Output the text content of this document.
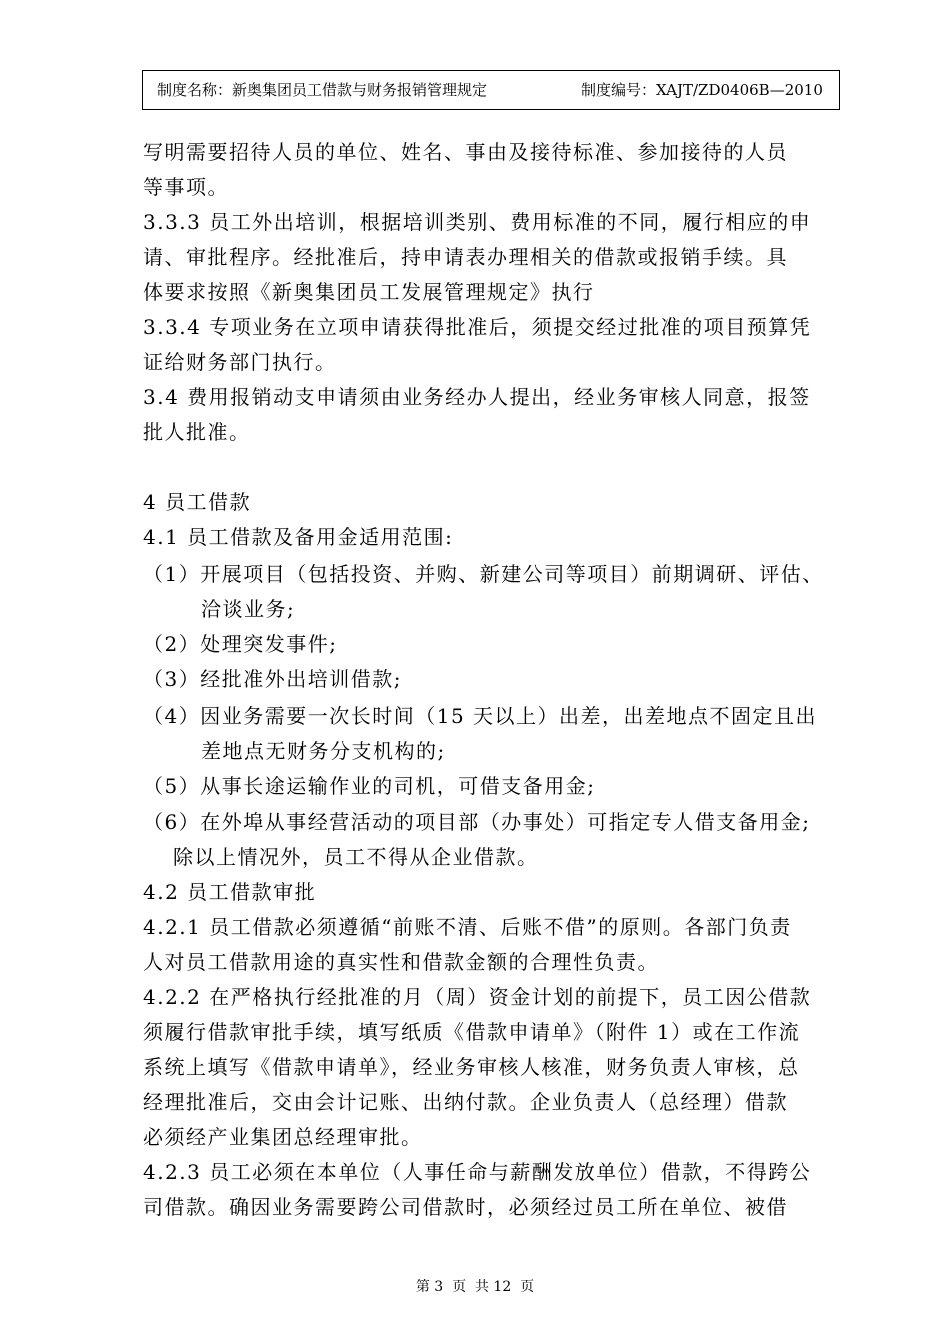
制度名称：新奥集团员工借款与财务报销管理规定	制度编号：XAJT/ZD0406B—2010
写明需要招待人员的单位、姓名、事由及接待标准、参加接待的人员
等事项。
3.3.3 员工外出培训，根据培训类别、费用标准的不同，履行相应的申
请、审批程序。经批准后，持申请表办理相关的借款或报销手续。具
体要求按照《新奥集团员工发展管理规定》执行
3.3.4 专项业务在立项申请获得批准后，须提交经过批准的项目预算凭
证给财务部门执行。
3.4 费用报销动支申请须由业务经办人提出，经业务审核人同意，报签
批人批准。
4 员工借款
4.1 员工借款及备用金适用范围:
（1）开展项目（包括投资、并购、新建公司等项目）前期调研、评估、
洽谈业务;
（2）处理突发事件;
（3）经批准外出培训借款;
（4）因业务需要一次长时间（15 天以上）出差，出差地点不固定且出
差地点无财务分支机构的;
（5）从事长途运输作业的司机，可借支备用金;
（6）在外埠从事经营活动的项目部（办事处）可指定专人借支备用金;
除以上情况外，员工不得从企业借款。
4.2 员工借款审批
4.2.1 员工借款必须遵循“前账不清、后账不借”的原则。各部门负责
人对员工借款用途的真实性和借款金额的合理性负责。
4.2.2 在严格执行经批准的月（周）资金计划的前提下，员工因公借款
须履行借款审批手续，填写纸质《借款申请单》（附件 1）或在工作流
系统上填写《借款申请单》，经业务审核人核准，财务负责人审核，总
经理批准后，交由会计记账、出纳付款。企业负责人（总经理）借款
必须经产业集团总经理审批。
4.2.3 员工必须在本单位（人事任命与薪酬发放单位）借款，不得跨公
司借款。确因业务需要跨公司借款时，必须经过员工所在单位、被借
第 3  页  共 12  页
